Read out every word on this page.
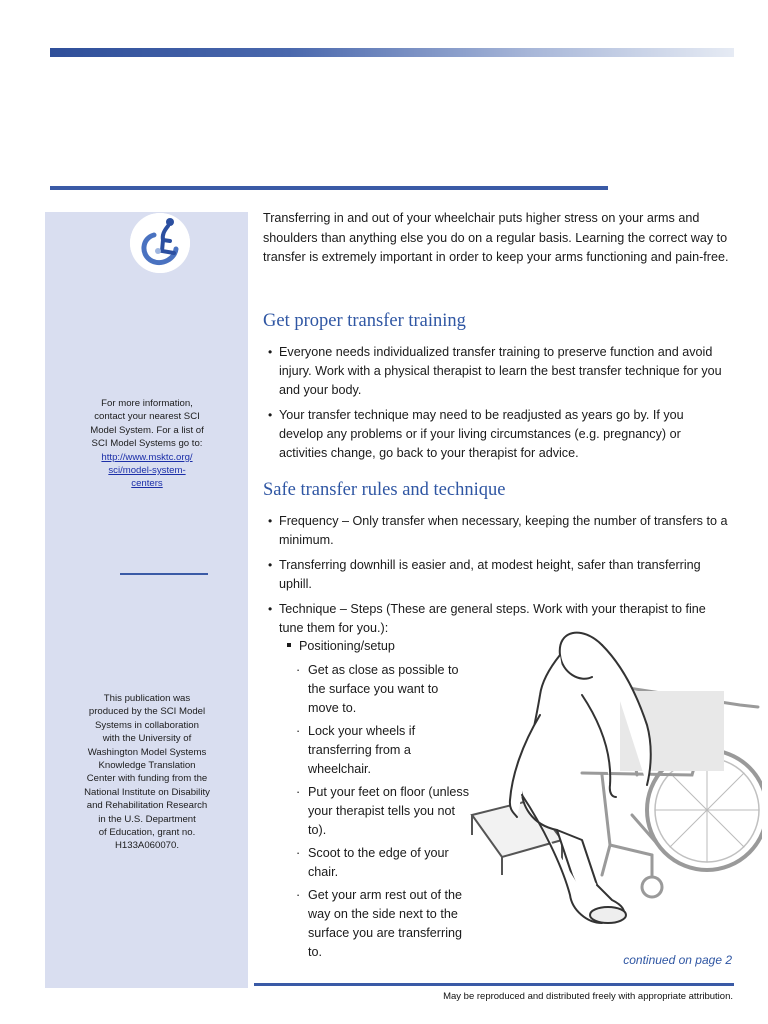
For more information,
contact your nearest SCI
Model System. For a list of
SCI Model Systems go to:
http://www.msktc.org/
sci/model-system-
centers
This publication was
produced by the SCI Model
Systems in collaboration
with the University of
Washington Model Systems
Knowledge Translation
Center with funding from the
National Institute on Disability
and Rehabilitation Research
in the U.S. Department
of Education, grant no.
H133A060070.

Transferring in and out of your wheelchair puts higher stress on your arms and shoulders than anything else you do on a regular basis. Learning the correct way to transfer is extremely important in order to keep your arms functioning and pain-free.

Get proper transfer training
• Everyone needs individualized transfer training to preserve function and avoid injury. Work with a physical therapist to learn the best transfer technique for you and your body.
• Your transfer technique may need to be readjusted as years go by. If you develop any problems or if your living circumstances (e.g. pregnancy) or activities change, go back to your therapist for advice.
Safe transfer rules and technique
• Frequency – Only transfer when necessary, keeping the number of transfers to a minimum.
• Transferring downhill is easier and, at modest height, safer than transferring uphill.
• Technique – Steps (These are general steps. Work with your therapist to fine tune them for you.):
Positioning/setup
· Get as close as possible to the surface you want to move to.
· Lock your wheels if transferring from a wheelchair.
· Put your feet on floor (unless your therapist tells you not to).
· Scoot to the edge of your chair.
· Get your arm rest out of the way on the side next to the surface you are transferring to.
continued on page 2
May be reproduced and distributed freely with appropriate attribution.
